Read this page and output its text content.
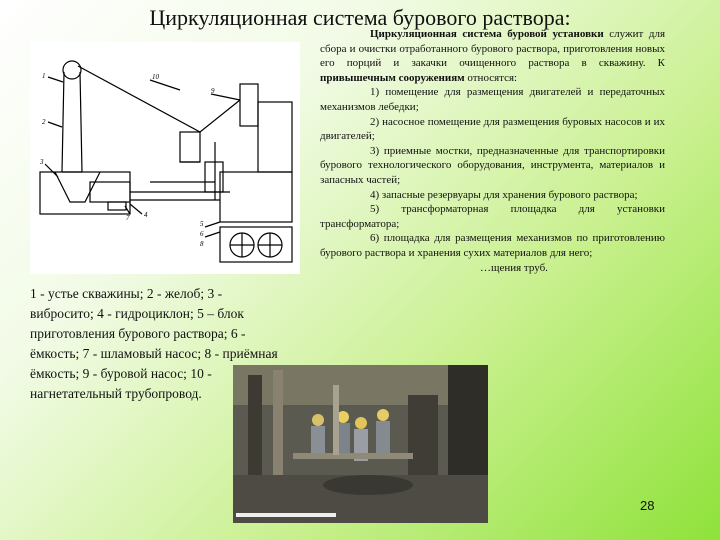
Циркуляционная система бурового раствора:
1
2
3
4
5
6
7
8
9
10

Циркуляционная система буровой установки служит для сбора и очистки отработанного бурового раствора, приготовления новых его порций и закачки очищенного раствора в скважину. К привышечным сооружениям относятся:

1) помещение для размещения двигателей и передаточных механизмов лебедки;

2) насосное помещение для размещения буровых насосов и их двигателей;

3) приемные мостки, предназначенные для транспортировки бурового технологического оборудования, инструмента, материалов и запасных частей;

4) запасные резервуары для хранения бурового раствора;

5) трансформаторная площадка для установки трансформатора;

6) площадка для размещения механизмов по приготовлению бурового раствора и хранения сухих материалов для него;

…щения труб.

1 - устье скважины; 2 - желоб; 3 -
вибросито; 4 - гидроциклон; 5 – блок
приготовления бурового раствора; 6 -
ёмкость; 7 - шламовый насос; 8 - приёмная
ёмкость; 9 - буровой насос; 10 -
нагнетательный трубопровод.
28
